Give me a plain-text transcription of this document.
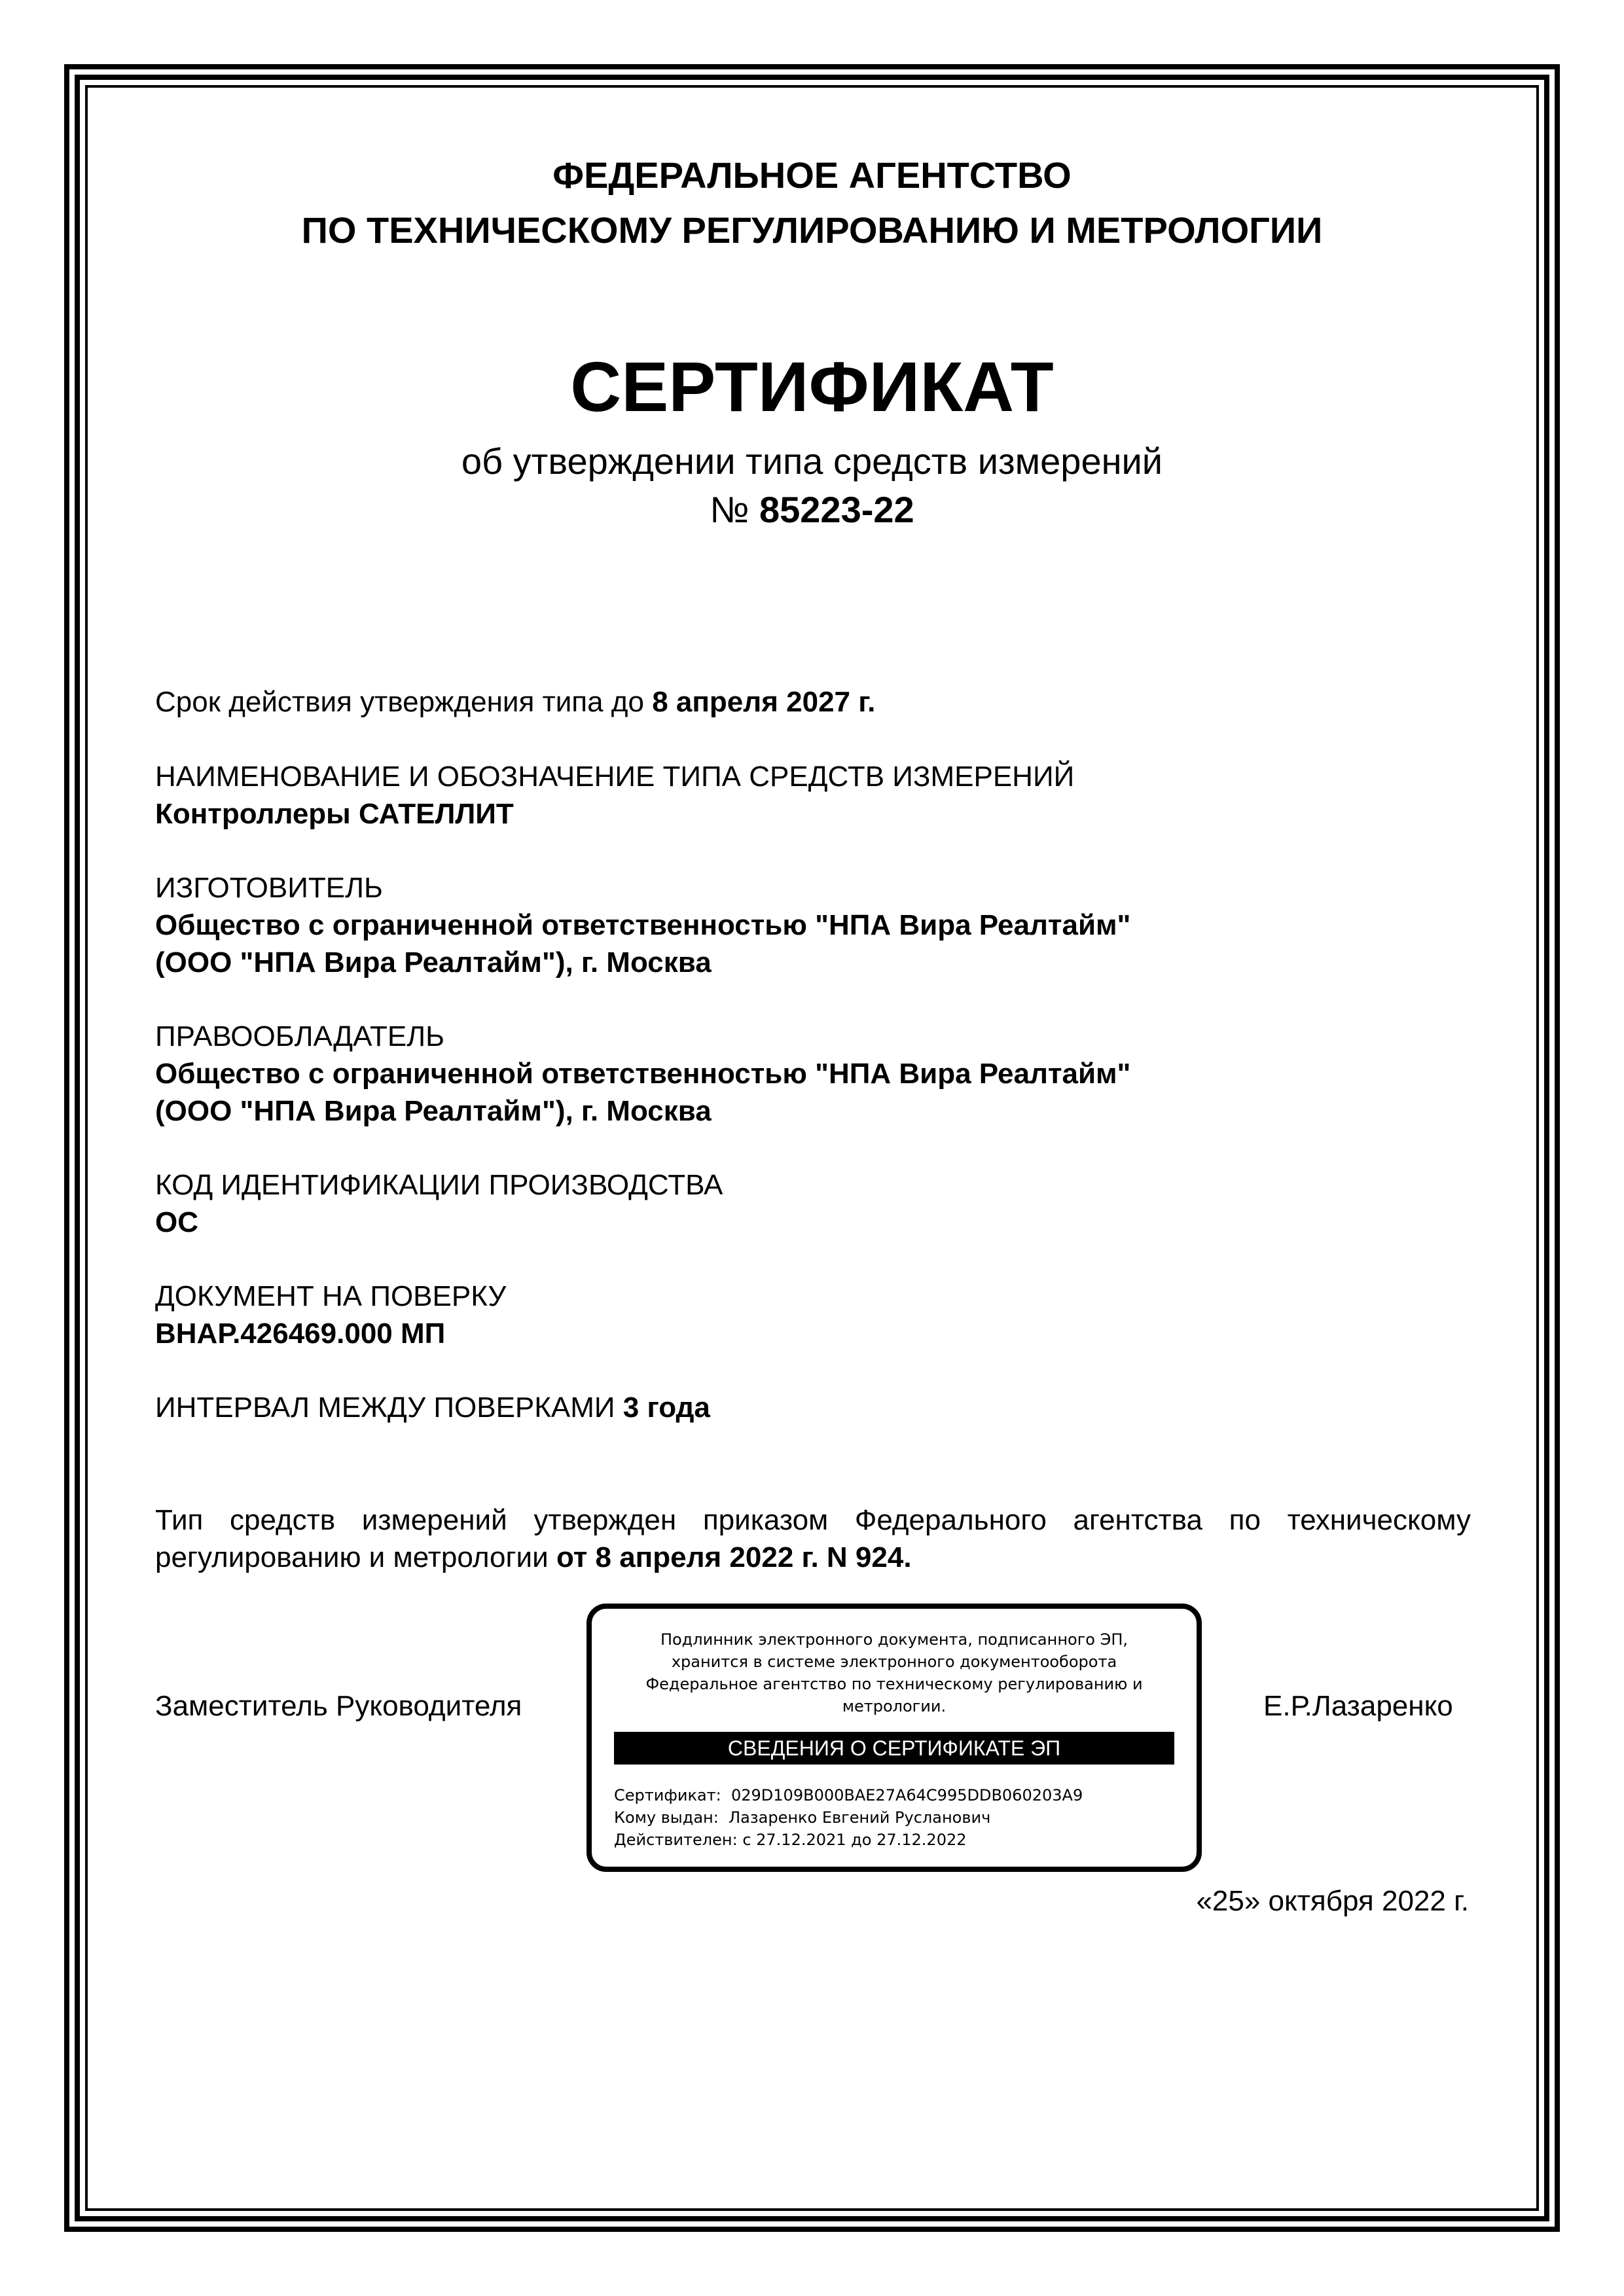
ФЕДЕРАЛЬНОЕ АГЕНТСТВО
ПО ТЕХНИЧЕСКОМУ РЕГУЛИРОВАНИЮ И МЕТРОЛОГИИ
СЕРТИФИКАТ
об утверждении типа средств измерений
№ 85223-22
Срок действия утверждения типа до 8 апреля 2027 г.
НАИМЕНОВАНИЕ И ОБОЗНАЧЕНИЕ ТИПА СРЕДСТВ ИЗМЕРЕНИЙ
Контроллеры САТЕЛЛИТ
ИЗГОТОВИТЕЛЬ
Общество с ограниченной ответственностью "НПА Вира Реалтайм"
(ООО "НПА Вира Реалтайм"), г. Москва
ПРАВООБЛАДАТЕЛЬ
Общество с ограниченной ответственностью "НПА Вира Реалтайм"
(ООО "НПА Вира Реалтайм"), г. Москва
КОД ИДЕНТИФИКАЦИИ ПРОИЗВОДСТВА
ОС
ДОКУМЕНТ НА ПОВЕРКУ
ВНАР.426469.000 МП
ИНТЕРВАЛ МЕЖДУ ПОВЕРКАМИ 3 года
Тип средств измерений утвержден приказом Федерального агентства по техническому регулированию и метрологии от 8 апреля 2022 г. N 924.
Заместитель Руководителя	Е.Р.Лазаренко
Подлинник электронного документа, подписанного ЭП,
хранится в системе электронного документооборота
Федеральное агентство по техническому регулированию и
метрологии.
СВЕДЕНИЯ О СЕРТИФИКАТЕ ЭП
Сертификат: 029D109B000BAE27A64C995DDB060203A9
Кому выдан: Лазаренко Евгений Русланович
Действителен: с 27.12.2021 до 27.12.2022
«25» октября 2022 г.
